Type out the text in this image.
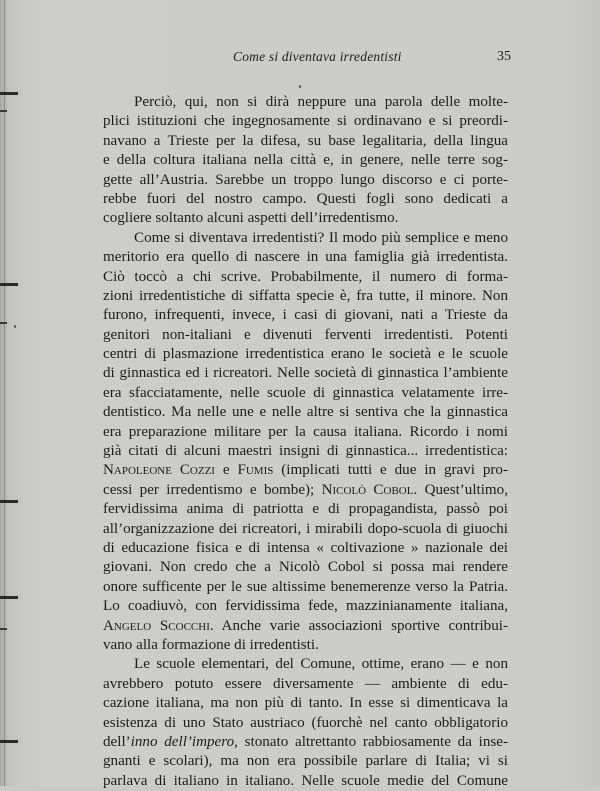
Come si diventava irredentisti	35
Perciò, qui, non si dirà neppure una parola delle molte-
plici istituzioni che ingegnosamente si ordinavano e si preordi-
navano a Trieste per la difesa, su base legalitaria, della lingua
e della coltura italiana nella città e, in genere, nelle terre sog-
gette all’Austria. Sarebbe un troppo lungo discorso e ci porte-
rebbe fuori del nostro campo. Questi fogli sono dedicati a
cogliere soltanto alcuni aspetti dell’irredentismo.
Come si diventava irredentisti? Il modo più semplice e meno
meritorio era quello di nascere in una famiglia già irredentista.
Ciò toccò a chi scrive. Probabilmente, il numero di forma-
zioni irredentistiche di siffatta specie è, fra tutte, il minore. Non
furono, infrequenti, invece, i casi di giovani, nati a Trieste da
genitori non-italiani e divenuti ferventi irredentisti. Potenti
centri di plasmazione irredentistica erano le società e le scuole
di ginnastica ed i ricreatori. Nelle società di ginnastica l’ambiente
era sfacciatamente, nelle scuole di ginnastica velatamente irre-
dentistico. Ma nelle une e nelle altre si sentiva che la ginnastica
era preparazione militare per la causa italiana. Ricordo i nomi
già citati di alcuni maestri insigni di ginnastica... irredentistica:
Napoleone Cozzi e Fumis (implicati tutti e due in gravi pro-
cessi per irredentismo e bombe); Nicolò Cobol. Quest’ultimo,
fervidissima anima di patriotta e di propagandista, passò poi
all’organizzazione dei ricreatori, i mirabili dopo-scuola di giuochi
di educazione fisica e di intensa « coltivazione » nazionale dei
giovani. Non credo che a Nicolò Cobol si possa mai rendere
onore sufficente per le sue altissime benemerenze verso la Patria.
Lo coadiuvò, con fervidissima fede, mazzinianamente italiana,
Angelo Scocchi. Anche varie associazioni sportive contribui-
vano alla formazione di irredentisti.
Le scuole elementari, del Comune, ottime, erano — e non
avrebbero potuto essere diversamente — ambiente di edu-
cazione italiana, ma non più di tanto. In esse si dimenticava la
esistenza di uno Stato austriaco (fuorchè nel canto obbligatorio
dell’inno dell’impero, stonato altrettanto rabbiosamente da inse-
gnanti e scolari), ma non era possibile parlare di Italia; vi si
parlava di italiano in italiano. Nelle scuole medie del Comune
